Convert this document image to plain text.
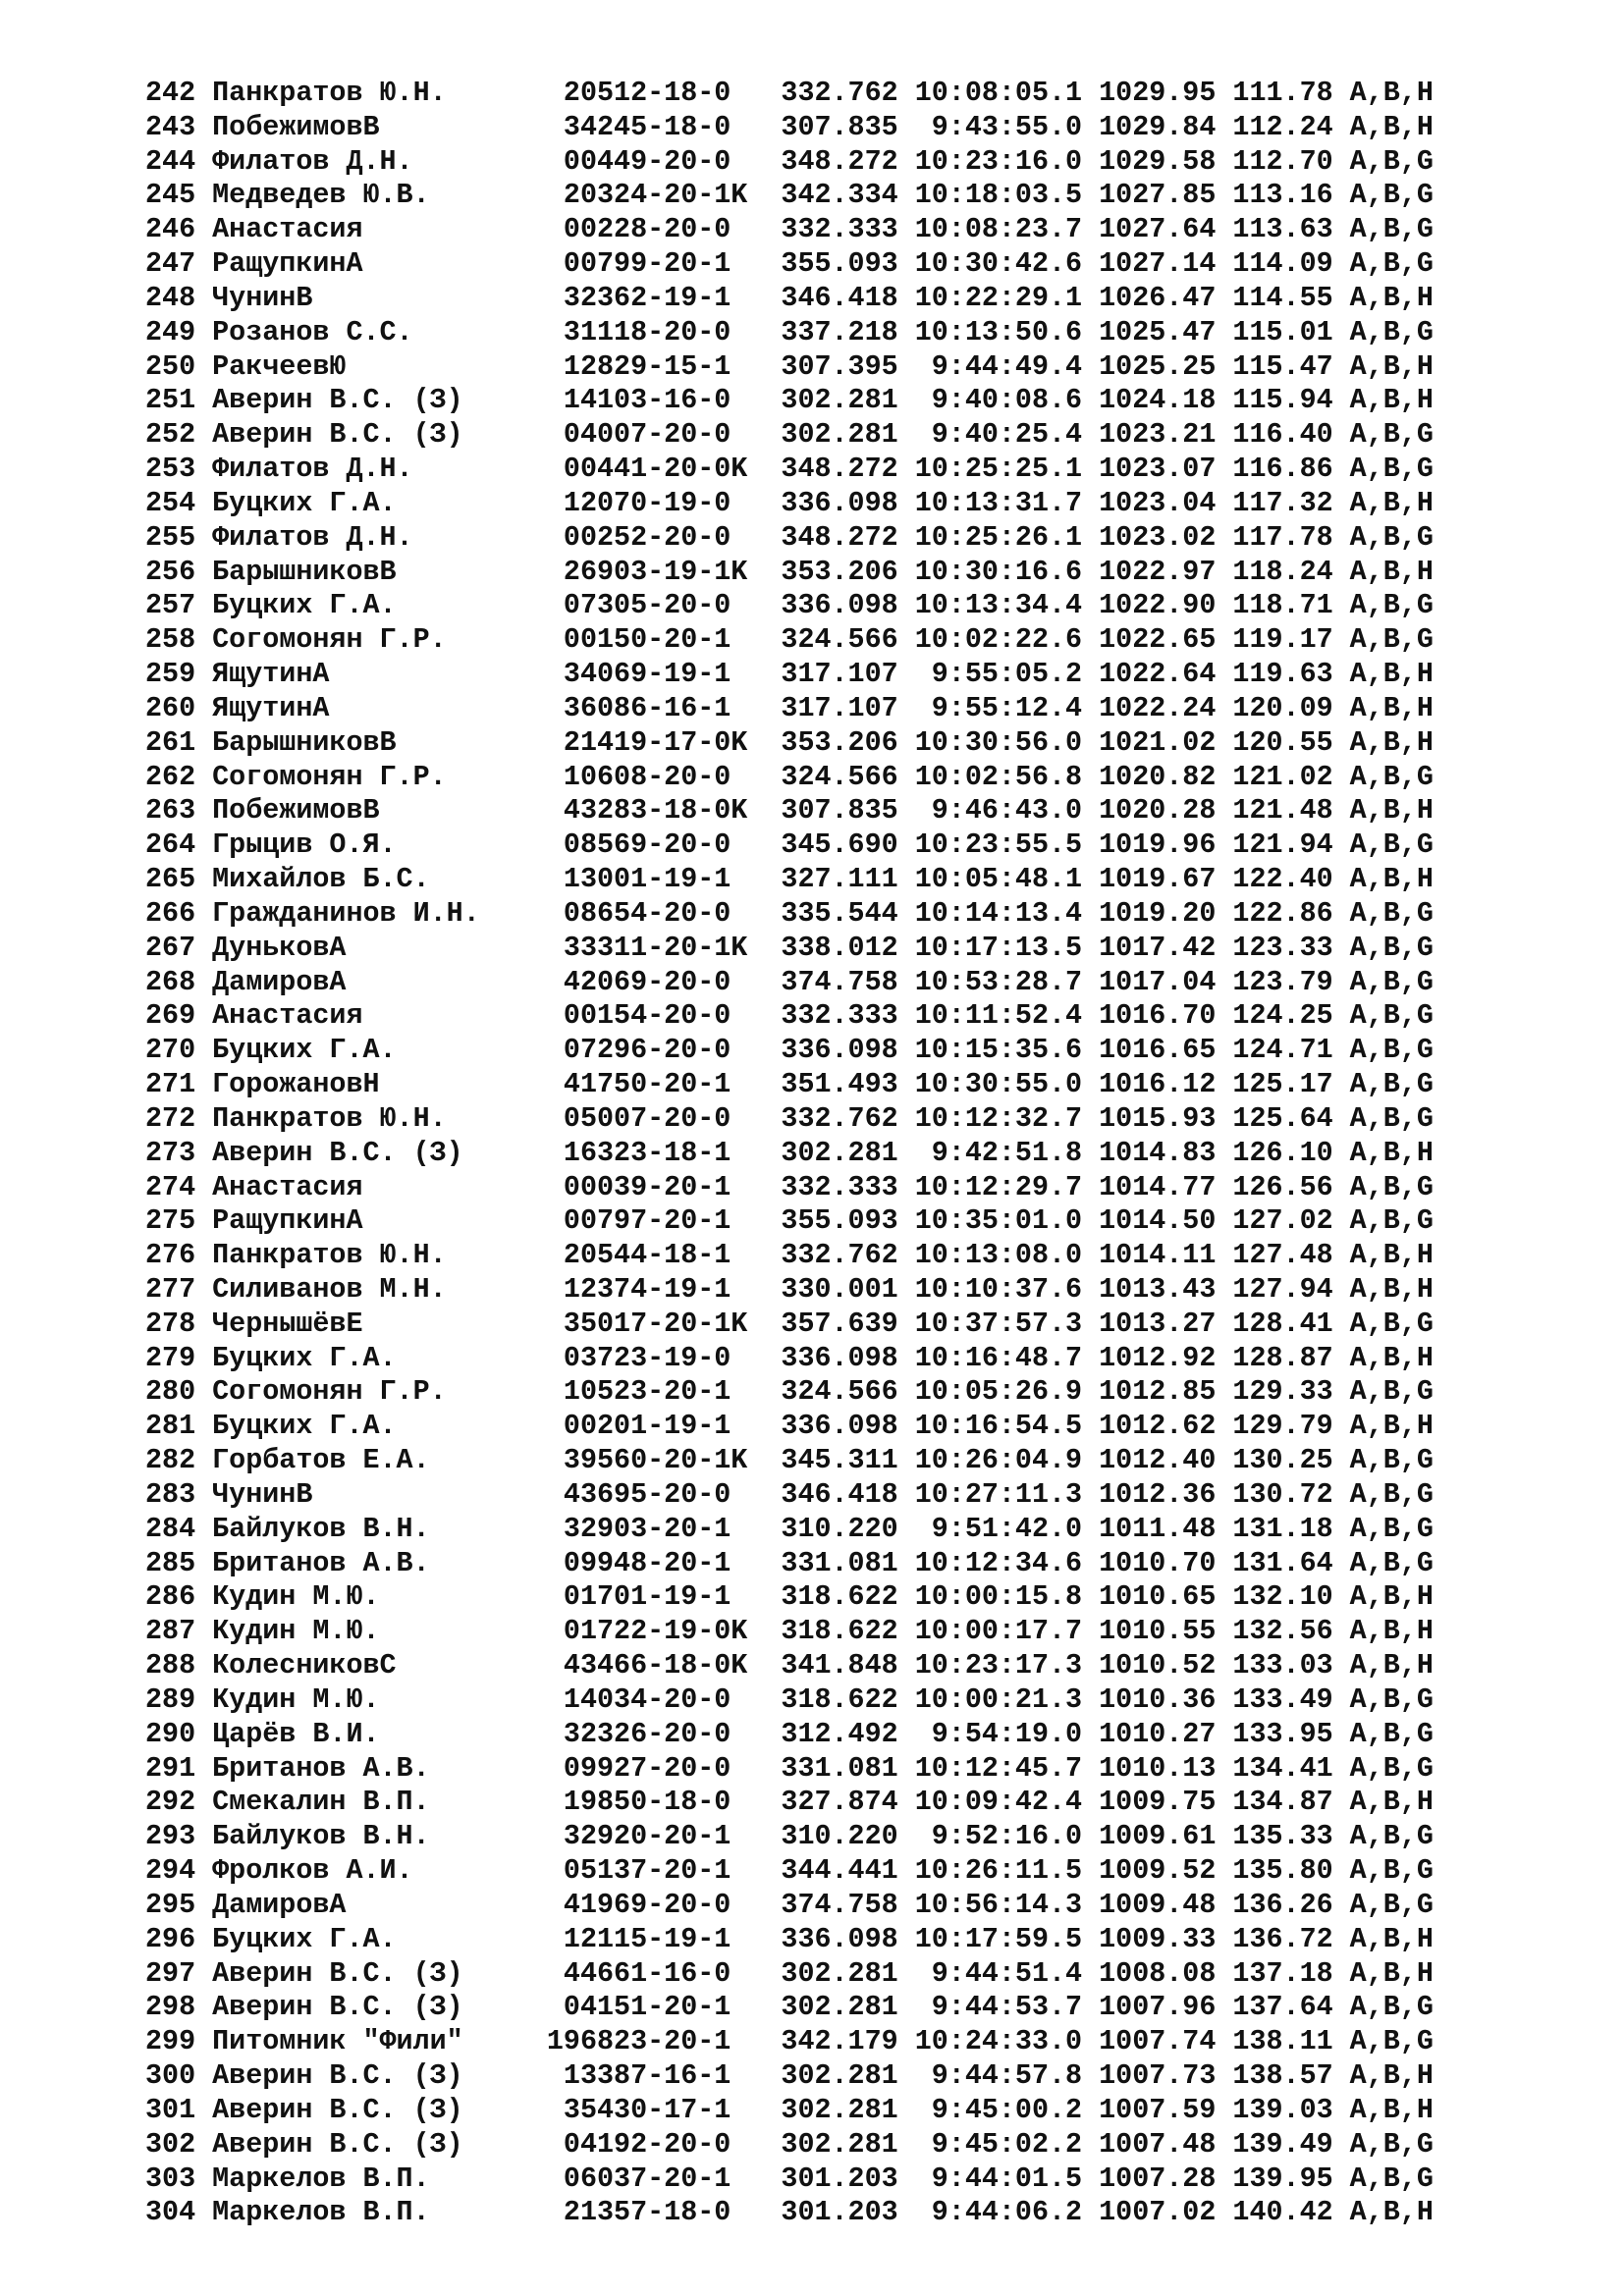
242 Панкратов Ю.Н.       20512-18-0   332.762 10:08:05.1 1029.95 111.78 A,B,H
243 ПобежимовВ           34245-18-0   307.835  9:43:55.0 1029.84 112.24 A,B,H
244 Филатов Д.Н.         00449-20-0   348.272 10:23:16.0 1029.58 112.70 A,B,G
245 Медведев Ю.В.        20324-20-1K  342.334 10:18:03.5 1027.85 113.16 A,B,G
246 Анастасия            00228-20-0   332.333 10:08:23.7 1027.64 113.63 A,B,G
247 РащупкинА            00799-20-1   355.093 10:30:42.6 1027.14 114.09 A,B,G
248 ЧунинВ               32362-19-1   346.418 10:22:29.1 1026.47 114.55 A,B,H
249 Розанов С.С.         31118-20-0   337.218 10:13:50.6 1025.47 115.01 A,B,G
250 РакчеевЮ             12829-15-1   307.395  9:44:49.4 1025.25 115.47 A,B,H
251 Аверин В.С. (З)      14103-16-0   302.281  9:40:08.6 1024.18 115.94 A,B,H
252 Аверин В.С. (З)      04007-20-0   302.281  9:40:25.4 1023.21 116.40 A,B,G
253 Филатов Д.Н.         00441-20-0K  348.272 10:25:25.1 1023.07 116.86 A,B,G
254 Буцких Г.А.          12070-19-0   336.098 10:13:31.7 1023.04 117.32 A,B,H
255 Филатов Д.Н.         00252-20-0   348.272 10:25:26.1 1023.02 117.78 A,B,G
256 БарышниковВ          26903-19-1K  353.206 10:30:16.6 1022.97 118.24 A,B,H
257 Буцких Г.А.          07305-20-0   336.098 10:13:34.4 1022.90 118.71 A,B,G
258 Согомонян Г.Р.       00150-20-1   324.566 10:02:22.6 1022.65 119.17 A,B,G
259 ЯщутинА              34069-19-1   317.107  9:55:05.2 1022.64 119.63 A,B,H
260 ЯщутинА              36086-16-1   317.107  9:55:12.4 1022.24 120.09 A,B,H
261 БарышниковВ          21419-17-0K  353.206 10:30:56.0 1021.02 120.55 A,B,H
262 Согомонян Г.Р.       10608-20-0   324.566 10:02:56.8 1020.82 121.02 A,B,G
263 ПобежимовВ           43283-18-0K  307.835  9:46:43.0 1020.28 121.48 A,B,H
264 Грыцив О.Я.          08569-20-0   345.690 10:23:55.5 1019.96 121.94 A,B,G
265 Михайлов Б.С.        13001-19-1   327.111 10:05:48.1 1019.67 122.40 A,B,H
266 Гражданинов И.Н.     08654-20-0   335.544 10:14:13.4 1019.20 122.86 A,B,G
267 ДуньковА             33311-20-1K  338.012 10:17:13.5 1017.42 123.33 A,B,G
268 ДамировА             42069-20-0   374.758 10:53:28.7 1017.04 123.79 A,B,G
269 Анастасия            00154-20-0   332.333 10:11:52.4 1016.70 124.25 A,B,G
270 Буцких Г.А.          07296-20-0   336.098 10:15:35.6 1016.65 124.71 A,B,G
271 ГорожановН           41750-20-1   351.493 10:30:55.0 1016.12 125.17 A,B,G
272 Панкратов Ю.Н.       05007-20-0   332.762 10:12:32.7 1015.93 125.64 A,B,G
273 Аверин В.С. (З)      16323-18-1   302.281  9:42:51.8 1014.83 126.10 A,B,H
274 Анастасия            00039-20-1   332.333 10:12:29.7 1014.77 126.56 A,B,G
275 РащупкинА            00797-20-1   355.093 10:35:01.0 1014.50 127.02 A,B,G
276 Панкратов Ю.Н.       20544-18-1   332.762 10:13:08.0 1014.11 127.48 A,B,H
277 Силиванов М.Н.       12374-19-1   330.001 10:10:37.6 1013.43 127.94 A,B,H
278 ЧернышёвЕ            35017-20-1K  357.639 10:37:57.3 1013.27 128.41 A,B,G
279 Буцких Г.А.          03723-19-0   336.098 10:16:48.7 1012.92 128.87 A,B,H
280 Согомонян Г.Р.       10523-20-1   324.566 10:05:26.9 1012.85 129.33 A,B,G
281 Буцких Г.А.          00201-19-1   336.098 10:16:54.5 1012.62 129.79 A,B,H
282 Горбатов Е.А.        39560-20-1K  345.311 10:26:04.9 1012.40 130.25 A,B,G
283 ЧунинВ               43695-20-0   346.418 10:27:11.3 1012.36 130.72 A,B,G
284 Байлуков В.Н.        32903-20-1   310.220  9:51:42.0 1011.48 131.18 A,B,G
285 Британов А.В.        09948-20-1   331.081 10:12:34.6 1010.70 131.64 A,B,G
286 Кудин М.Ю.           01701-19-1   318.622 10:00:15.8 1010.65 132.10 A,B,H
287 Кудин М.Ю.           01722-19-0K  318.622 10:00:17.7 1010.55 132.56 A,B,H
288 КолесниковС          43466-18-0K  341.848 10:23:17.3 1010.52 133.03 A,B,H
289 Кудин М.Ю.           14034-20-0   318.622 10:00:21.3 1010.36 133.49 A,B,G
290 Царёв В.И.           32326-20-0   312.492  9:54:19.0 1010.27 133.95 A,B,G
291 Британов А.В.        09927-20-0   331.081 10:12:45.7 1010.13 134.41 A,B,G
292 Смекалин В.П.        19850-18-0   327.874 10:09:42.4 1009.75 134.87 A,B,H
293 Байлуков В.Н.        32920-20-1   310.220  9:52:16.0 1009.61 135.33 A,B,G
294 Фролков А.И.         05137-20-1   344.441 10:26:11.5 1009.52 135.80 A,B,G
295 ДамировА             41969-20-0   374.758 10:56:14.3 1009.48 136.26 A,B,G
296 Буцких Г.А.          12115-19-1   336.098 10:17:59.5 1009.33 136.72 A,B,H
297 Аверин В.С. (З)      44661-16-0   302.281  9:44:51.4 1008.08 137.18 A,B,H
298 Аверин В.С. (З)      04151-20-1   302.281  9:44:53.7 1007.96 137.64 A,B,G
299 Питомник "Фили"     196823-20-1   342.179 10:24:33.0 1007.74 138.11 A,B,G
300 Аверин В.С. (З)      13387-16-1   302.281  9:44:57.8 1007.73 138.57 A,B,H
301 Аверин В.С. (З)      35430-17-1   302.281  9:45:00.2 1007.59 139.03 A,B,H
302 Аверин В.С. (З)      04192-20-0   302.281  9:45:02.2 1007.48 139.49 A,B,G
303 Маркелов В.П.        06037-20-1   301.203  9:44:01.5 1007.28 139.95 A,B,G
304 Маркелов В.П.        21357-18-0   301.203  9:44:06.2 1007.02 140.42 A,B,H
